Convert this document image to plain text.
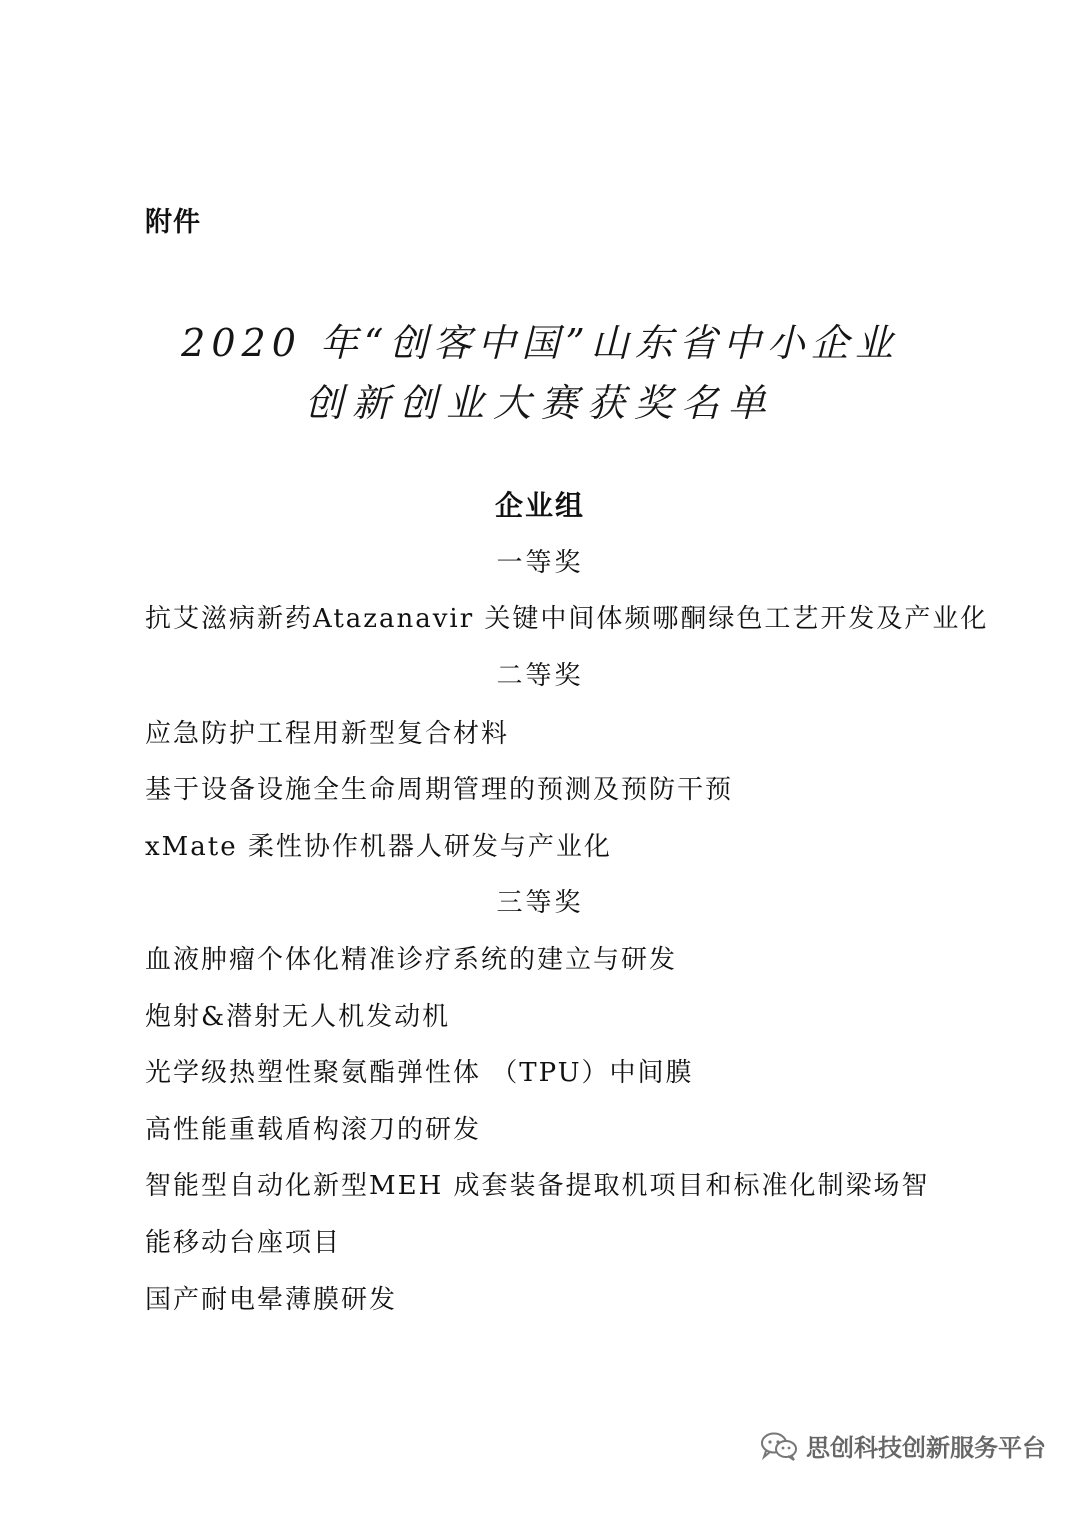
附件
2020 年“创客中国”山东省中小企业
创新创业大赛获奖名单
企业组
一等奖
抗艾滋病新药Atazanavir 关键中间体频哪酮绿色工艺开发及产业化
二等奖
应急防护工程用新型复合材料
基于设备设施全生命周期管理的预测及预防干预
xMate 柔性协作机器人研发与产业化
三等奖
血液肿瘤个体化精准诊疗系统的建立与研发
炮射&潜射无人机发动机
光学级热塑性聚氨酯弹性体 （TPU）中间膜
高性能重载盾构滚刀的研发
智能型自动化新型MEH 成套装备提取机项目和标准化制梁场智
能移动台座项目
国产耐电晕薄膜研发
思创科技创新服务平台
